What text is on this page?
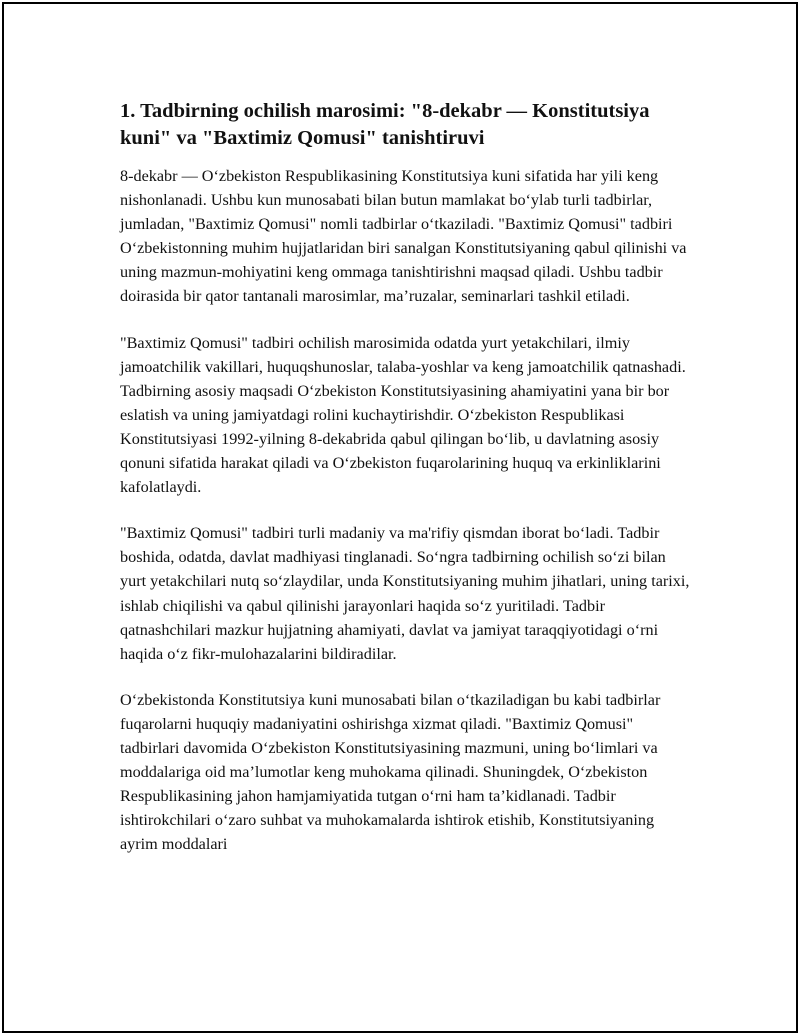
1. Tadbirning ochilish marosimi: "8-dekabr — Konstitutsiya kuni" va "Baxtimiz Qomusi" tanishtiruvi

8-dekabr — O‘zbekiston Respublikasining Konstitutsiya kuni sifatida har yili keng nishonlanadi. Ushbu kun munosabati bilan butun mamlakat bo‘ylab turli tadbirlar, jumladan, "Baxtimiz Qomusi" nomli tadbirlar o‘tkaziladi. "Baxtimiz Qomusi" tadbiri O‘zbekistonning muhim hujjatlaridan biri sanalgan Konstitutsiyaning qabul qilinishi va uning mazmun-mohiyatini keng ommaga tanishtirishni maqsad qiladi. Ushbu tadbir doirasida bir qator tantanali marosimlar, ma’ruzalar, seminarlari tashkil etiladi.

"Baxtimiz Qomusi" tadbiri ochilish marosimida odatda yurt yetakchilari, ilmiy jamoatchilik vakillari, huquqshunoslar, talaba-yoshlar va keng jamoatchilik qatnashadi. Tadbirning asosiy maqsadi O‘zbekiston Konstitutsiyasining ahamiyatini yana bir bor eslatish va uning jamiyatdagi rolini kuchaytirishdir. O‘zbekiston Respublikasi Konstitutsiyasi 1992-yilning 8-dekabrida qabul qilingan bo‘lib, u davlatning asosiy qonuni sifatida harakat qiladi va O‘zbekiston fuqarolarining huquq va erkinliklarini kafolatlaydi.

"Baxtimiz Qomusi" tadbiri turli madaniy va ma'rifiy qismdan iborat bo‘ladi. Tadbir boshida, odatda, davlat madhiyasi tinglanadi. So‘ngra tadbirning ochilish so‘zi bilan yurt yetakchilari nutq so‘zlaydilar, unda Konstitutsiyaning muhim jihatlari, uning tarixi, ishlab chiqilishi va qabul qilinishi jarayonlari haqida so‘z yuritiladi. Tadbir qatnashchilari mazkur hujjatning ahamiyati, davlat va jamiyat taraqqiyotidagi o‘rni haqida o‘z fikr-mulohazalarini bildiradilar.

O‘zbekistonda Konstitutsiya kuni munosabati bilan o‘tkaziladigan bu kabi tadbirlar fuqarolarni huquqiy madaniyatini oshirishga xizmat qiladi. "Baxtimiz Qomusi" tadbirlari davomida O‘zbekiston Konstitutsiyasining mazmuni, uning bo‘limlari va moddalariga oid ma’lumotlar keng muhokama qilinadi. Shuningdek, O‘zbekiston Respublikasining jahon hamjamiyatida tutgan o‘rni ham ta’kidlanadi. Tadbir ishtirokchilari o‘zaro suhbat va muhokamalarda ishtirok etishib, Konstitutsiyaning ayrim moddalari
